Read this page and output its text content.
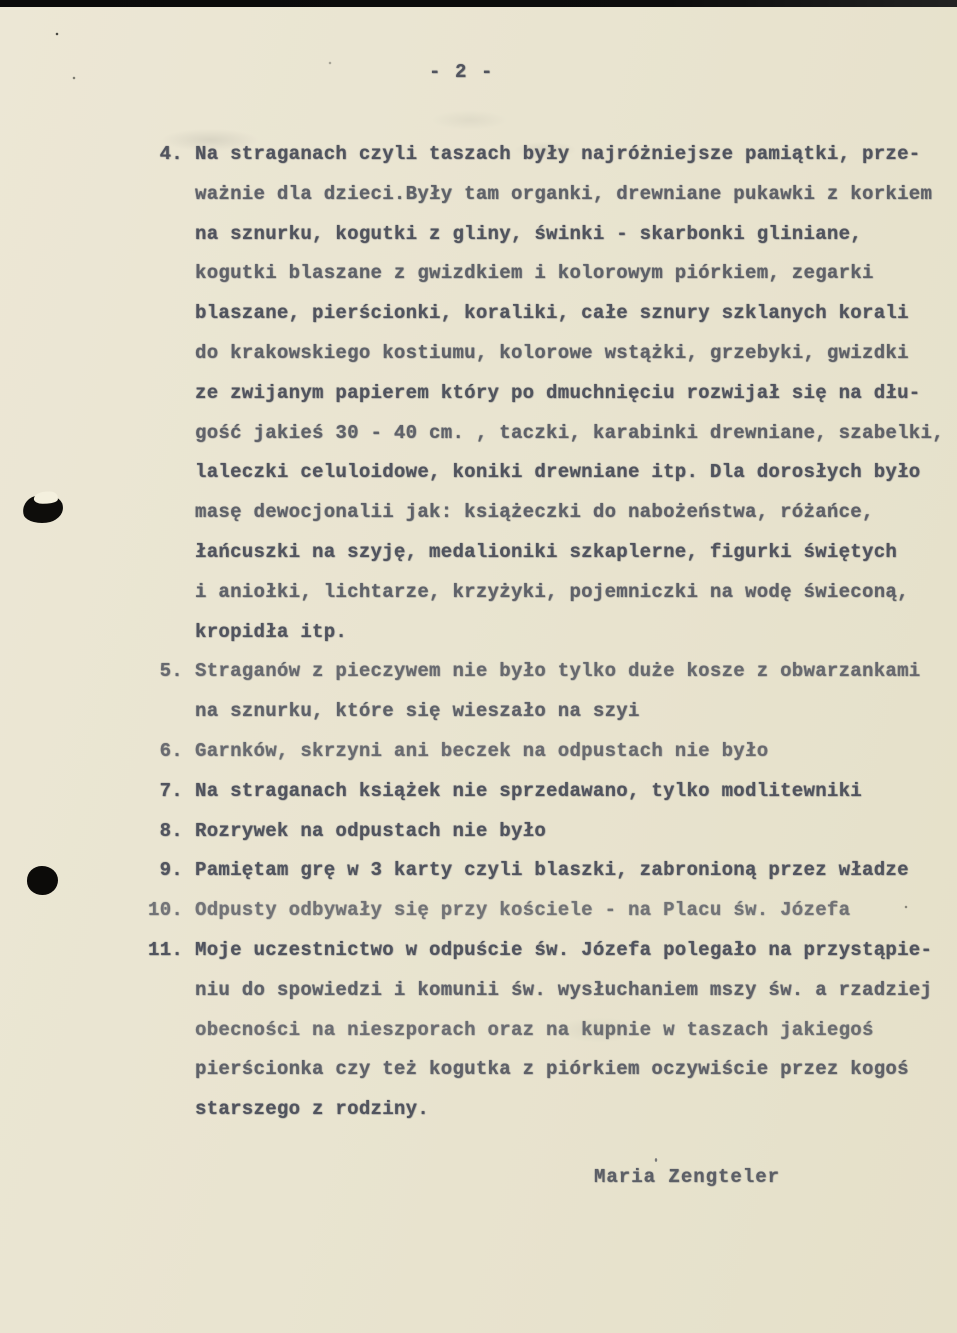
- 2 -
4. Na straganach czyli taszach były najróżniejsze pamiątki, prze-
ważnie dla dzieci.Były tam organki, drewniane pukawki z korkiem
na sznurku, kogutki z gliny, świnki - skarbonki gliniane,
kogutki blaszane z gwizdkiem i kolorowym piórkiem, zegarki
blaszane, pierścionki, koraliki, całe sznury szklanych korali
do krakowskiego kostiumu, kolorowe wstążki, grzebyki, gwizdki
ze zwijanym papierem który po dmuchnięciu rozwijał się na dłu-
gość jakieś 30 - 40 cm. , taczki, karabinki drewniane, szabelki,
laleczki celuloidowe, koniki drewniane itp. Dla dorosłych było
masę dewocjonalii jak: książeczki do nabożeństwa, różańce,
łańcuszki na szyję, medalioniki szkaplerne, figurki świętych
i aniołki, lichtarze, krzyżyki, pojemniczki na wodę świeconą,
kropidła itp.
5. Straganów z pieczywem nie było tylko duże kosze z obwarzankami
na sznurku, które się wieszało na szyi
6. Garnków, skrzyni ani beczek na odpustach nie było
7. Na straganach książek nie sprzedawano, tylko modlitewniki
8. Rozrywek na odpustach nie było
9. Pamiętam grę w 3 karty czyli blaszki, zabronioną przez władze
10. Odpusty odbywały się przy kościele - na Placu św. Józefa
11. Moje uczestnictwo w odpuście św. Józefa polegało na przystąpie-
niu do spowiedzi i komunii św. wysłuchaniem mszy św. a rzadziej
obecności na nieszporach oraz na kupnie w taszach jakiegoś
pierścionka czy też kogutka z piórkiem oczywiście przez kogoś
starszego z rodziny.
Maria Zengteler
